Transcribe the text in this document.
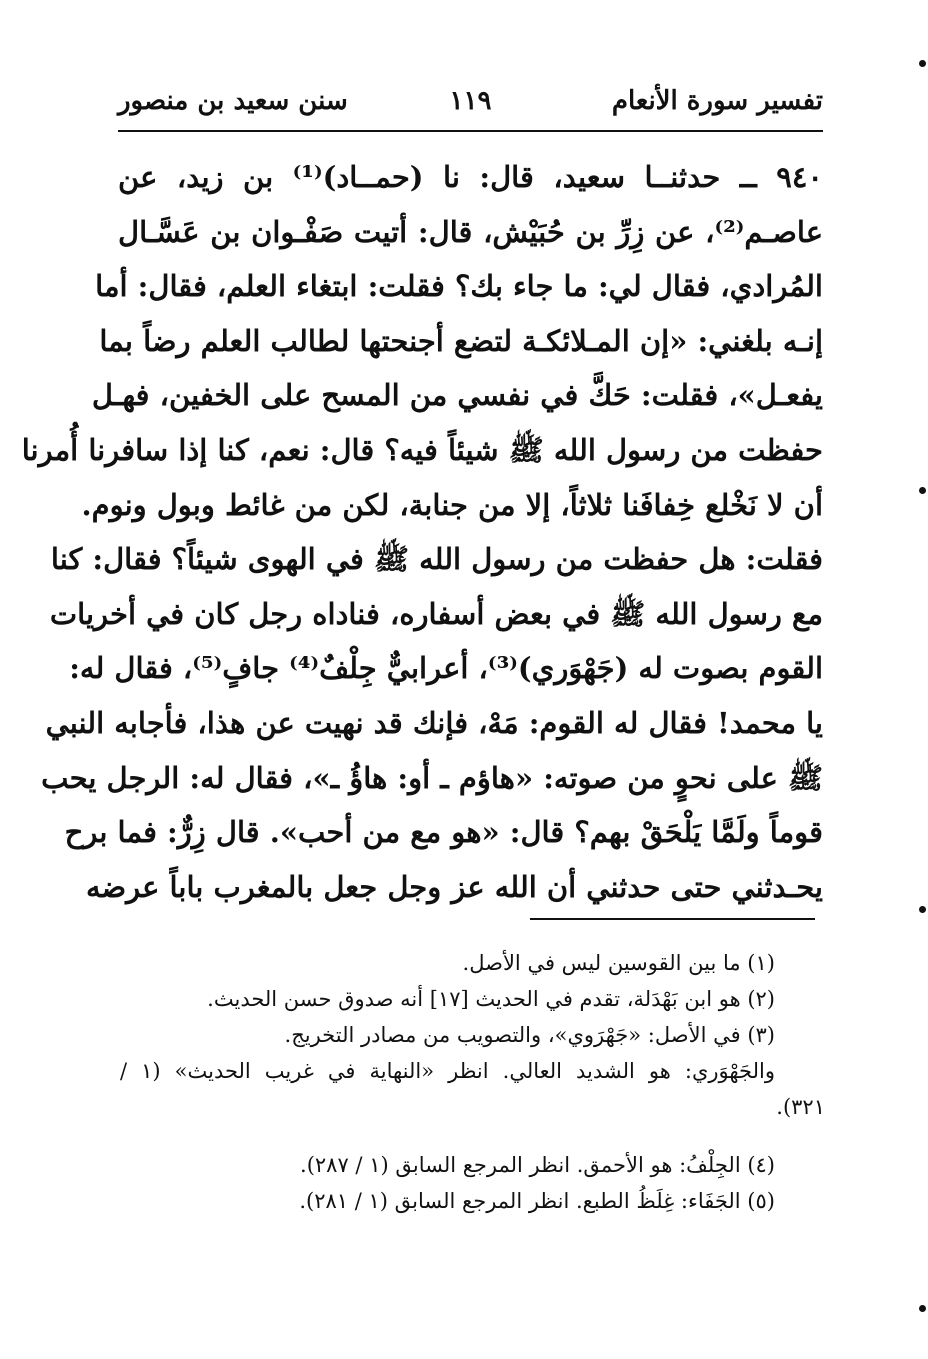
تفسير سورة الأنعام
١١٩
سنن سعيد بن منصور
٩٤٠ ــ حدثنــا سعيد، قال: نا (حمــاد)⁽¹⁾ بن زيد، عن
عاصـم⁽²⁾، عن زِرِّ بن حُبَيْش، قال: أتيت صَفْـوان بن عَسَّـال
المُرادي، فقال لي: ما جاء بك؟ فقلت: ابتغاء العلم، فقال: أما
إنـه بلغني: «إن المـلائكـة لتضع أجنحتها لطالب العلم رضاً بما
يفعـل»، فقلت: حَكَّ في نفسي من المسح على الخفين، فهـل
حفظت من رسول الله ﷺ شيئاً فيه؟ قال: نعم، كنا إذا سافرنا أُمرنا
أن لا نَخْلع خِفافَنا ثلاثاً، إلا من جنابة، لكن من غائط وبول ونوم.
فقلت: هل حفظت من رسول الله ﷺ في الهوى شيئاً؟ فقال: كنا
مع رسول الله ﷺ في بعض أسفاره، فناداه رجل كان في أخريات
القوم بصوت له (جَهْوَري)⁽³⁾، أعرابيٌّ جِلْفٌ⁽⁴⁾ جافٍ⁽⁵⁾، فقال له:
يا محمد! فقال له القوم: مَهْ، فإنك قد نهيت عن هذا، فأجابه النبي
ﷺ على نحوٍ من صوته: «هاؤم ـ أو: هاؤُ ـ»، فقال له: الرجل يحب
قوماً ولَمَّا يَلْحَقْ بهم؟ قال: «هو مع من أحب». قال زِرٌّ: فما برح
يحـدثني حتى حدثني أن الله عز وجل جعل بالمغرب باباً عرضه
(١) ما بين القوسين ليس في الأصل.
(٢) هو ابن بَهْدَلة، تقدم في الحديث [١٧] أنه صدوق حسن الحديث.
(٣) في الأصل: «جَهْرَوي»، والتصويب من مصادر التخريج.
والجَهْوَري: هو الشديد العالي. انظر «النهاية في غريب الحديث» (١ /
٣٢١).
(٤) الجِلْفُ: هو الأحمق. انظر المرجع السابق (١ / ٢٨٧).
(٥) الجَفَاء: غِلَظُ الطبع. انظر المرجع السابق (١ / ٢٨١).
